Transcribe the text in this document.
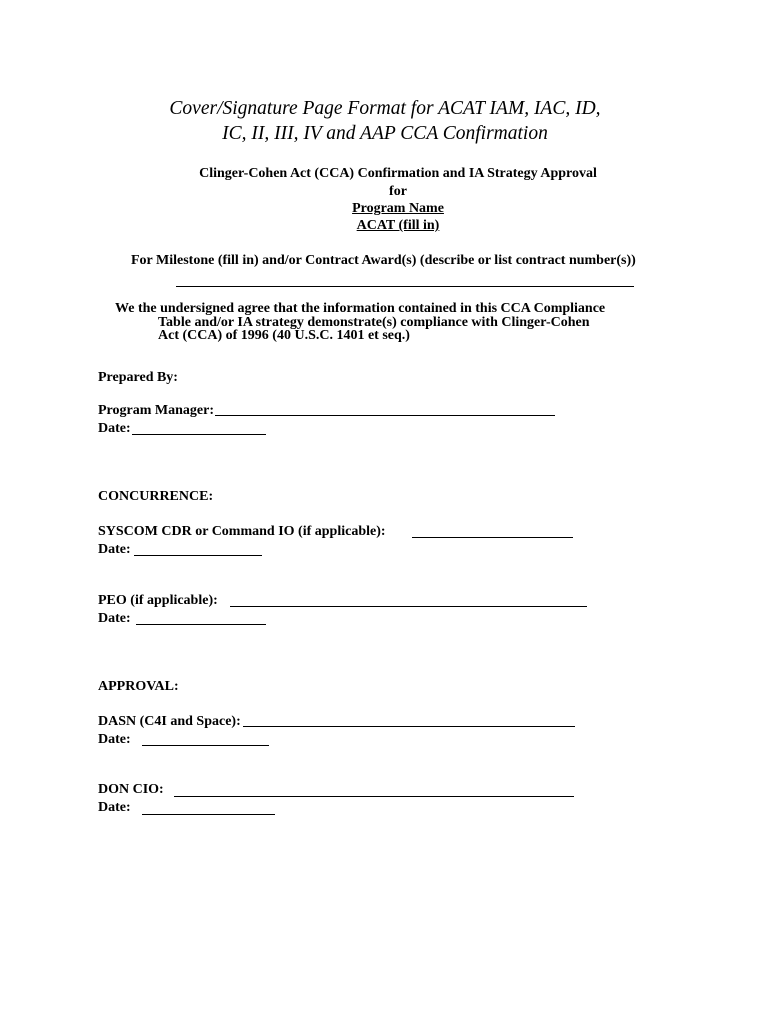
Cover/Signature Page Format for ACAT IAM, IAC, ID,
IC, II, III, IV and AAP CCA Confirmation
Clinger-Cohen Act (CCA) Confirmation and IA Strategy Approval
for
Program Name
ACAT (fill in)
For Milestone (fill in) and/or Contract Award(s) (describe or list contract number(s))
We the undersigned agree that the information contained in this CCA Compliance
Table and/or IA strategy demonstrate(s) compliance with Clinger-Cohen
Act (CCA) of 1996 (40 U.S.C. 1401 et seq.)
Prepared By:
Program Manager:
Date:
CONCURRENCE:
SYSCOM CDR or Command IO (if applicable):
Date:
PEO (if applicable):
Date:
APPROVAL:
DASN (C4I and Space):
Date:
DON CIO:
Date:
